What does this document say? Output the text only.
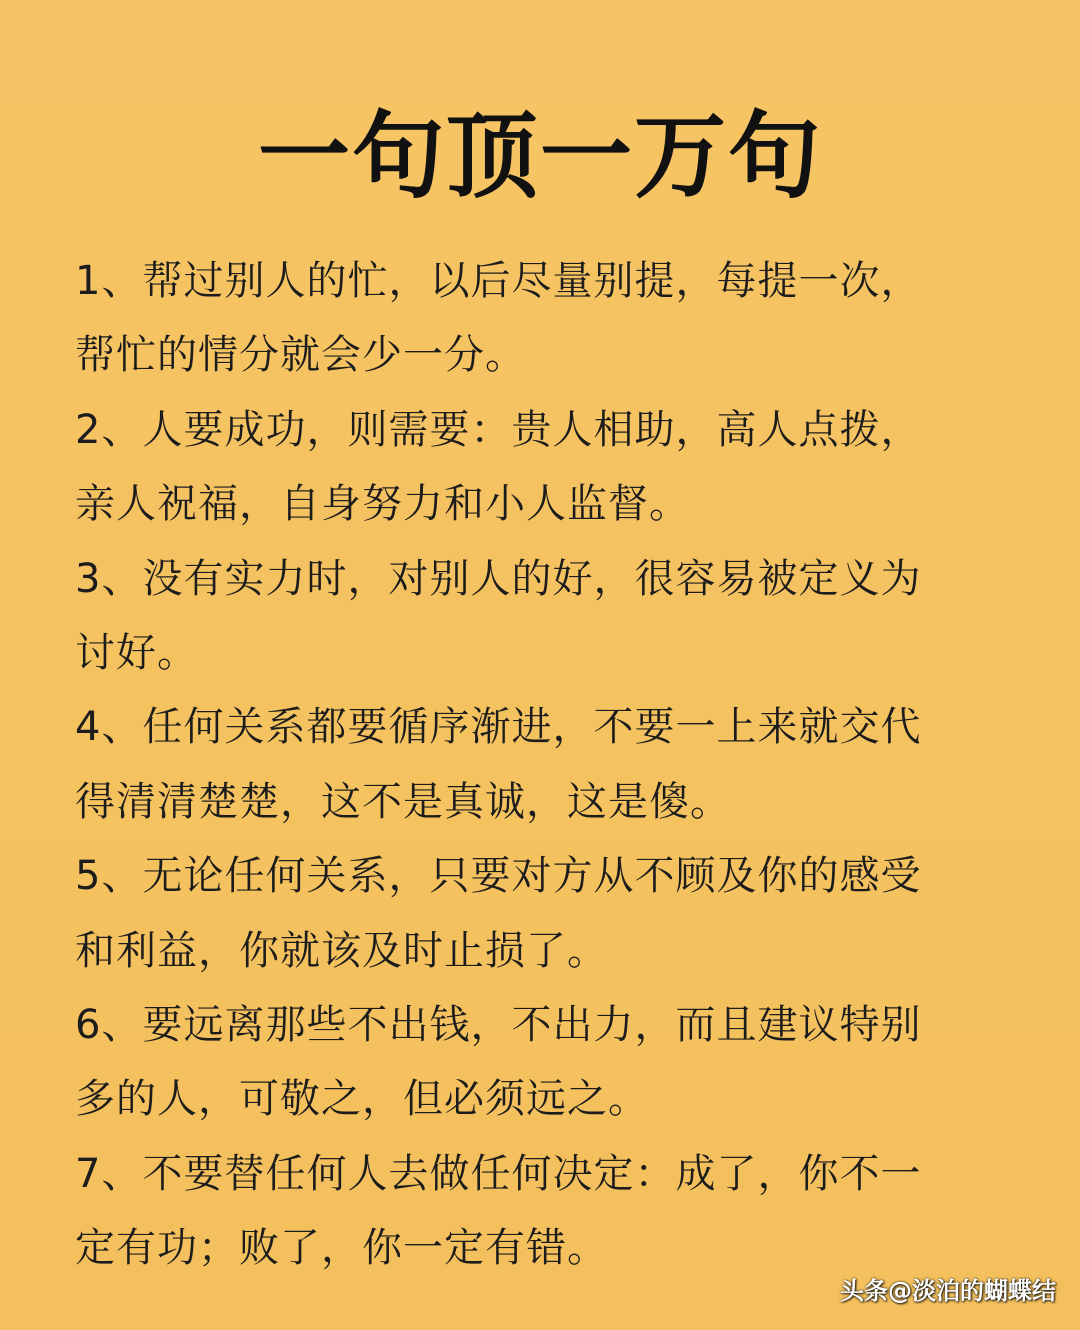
一句顶一万句
1、帮过别人的忙，以后尽量别提，每提一次，
帮忙的情分就会少一分。
2、人要成功，则需要：贵人相助，高人点拨，
亲人祝福，自身努力和小人监督。
3、没有实力时，对别人的好，很容易被定义为
讨好。
4、任何关系都要循序渐进，不要一上来就交代
得清清楚楚，这不是真诚，这是傻。
5、无论任何关系，只要对方从不顾及你的感受
和利益，你就该及时止损了。
6、要远离那些不出钱，不出力，而且建议特别
多的人，可敬之，但必须远之。
7、不要替任何人去做任何决定：成了，你不一
定有功；败了，你一定有错。
头条@淡泊的蝴蝶结
